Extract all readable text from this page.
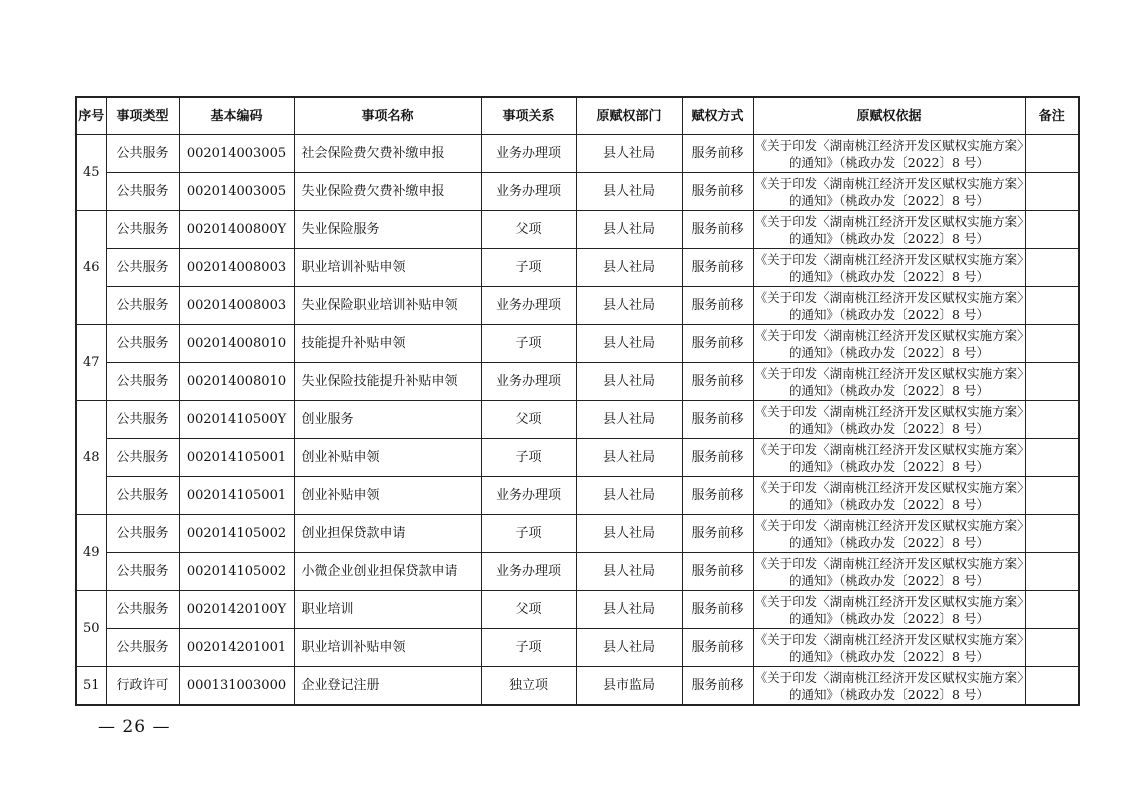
序号	事项类型	基本编码	事项名称	事项关系	原赋权部门	赋权方式	原赋权依据	备注
45	公共服务	002014003005	社会保险费欠费补缴申报	业务办理项	县人社局	服务前移	《关于印发〈湖南桃江经济开发区赋权实施方案〉的通知》（桃政办发〔2022〕8 号）	
	公共服务	002014003005	失业保险费欠费补缴申报	业务办理项	县人社局	服务前移	《关于印发〈湖南桃江经济开发区赋权实施方案〉的通知》（桃政办发〔2022〕8 号）	
46	公共服务	00201400800Y	失业保险服务	父项	县人社局	服务前移	《关于印发〈湖南桃江经济开发区赋权实施方案〉的通知》（桃政办发〔2022〕8 号）	
	公共服务	002014008003	职业培训补贴申领	子项	县人社局	服务前移	《关于印发〈湖南桃江经济开发区赋权实施方案〉的通知》（桃政办发〔2022〕8 号）	
	公共服务	002014008003	失业保险职业培训补贴申领	业务办理项	县人社局	服务前移	《关于印发〈湖南桃江经济开发区赋权实施方案〉的通知》（桃政办发〔2022〕8 号）	
47	公共服务	002014008010	技能提升补贴申领	子项	县人社局	服务前移	《关于印发〈湖南桃江经济开发区赋权实施方案〉的通知》（桃政办发〔2022〕8 号）	
	公共服务	002014008010	失业保险技能提升补贴申领	业务办理项	县人社局	服务前移	《关于印发〈湖南桃江经济开发区赋权实施方案〉的通知》（桃政办发〔2022〕8 号）	
48	公共服务	00201410500Y	创业服务	父项	县人社局	服务前移	《关于印发〈湖南桃江经济开发区赋权实施方案〉的通知》（桃政办发〔2022〕8 号）	
	公共服务	002014105001	创业补贴申领	子项	县人社局	服务前移	《关于印发〈湖南桃江经济开发区赋权实施方案〉的通知》（桃政办发〔2022〕8 号）	
	公共服务	002014105001	创业补贴申领	业务办理项	县人社局	服务前移	《关于印发〈湖南桃江经济开发区赋权实施方案〉的通知》（桃政办发〔2022〕8 号）	
49	公共服务	002014105002	创业担保贷款申请	子项	县人社局	服务前移	《关于印发〈湖南桃江经济开发区赋权实施方案〉的通知》（桃政办发〔2022〕8 号）	
	公共服务	002014105002	小微企业创业担保贷款申请	业务办理项	县人社局	服务前移	《关于印发〈湖南桃江经济开发区赋权实施方案〉的通知》（桃政办发〔2022〕8 号）	
50	公共服务	00201420100Y	职业培训	父项	县人社局	服务前移	《关于印发〈湖南桃江经济开发区赋权实施方案〉的通知》（桃政办发〔2022〕8 号）	
	公共服务	002014201001	职业培训补贴申领	子项	县人社局	服务前移	《关于印发〈湖南桃江经济开发区赋权实施方案〉的通知》（桃政办发〔2022〕8 号）	
51	行政许可	000131003000	企业登记注册	独立项	县市监局	服务前移	《关于印发〈湖南桃江经济开发区赋权实施方案〉的通知》（桃政办发〔2022〕8 号）	
— 26 —
